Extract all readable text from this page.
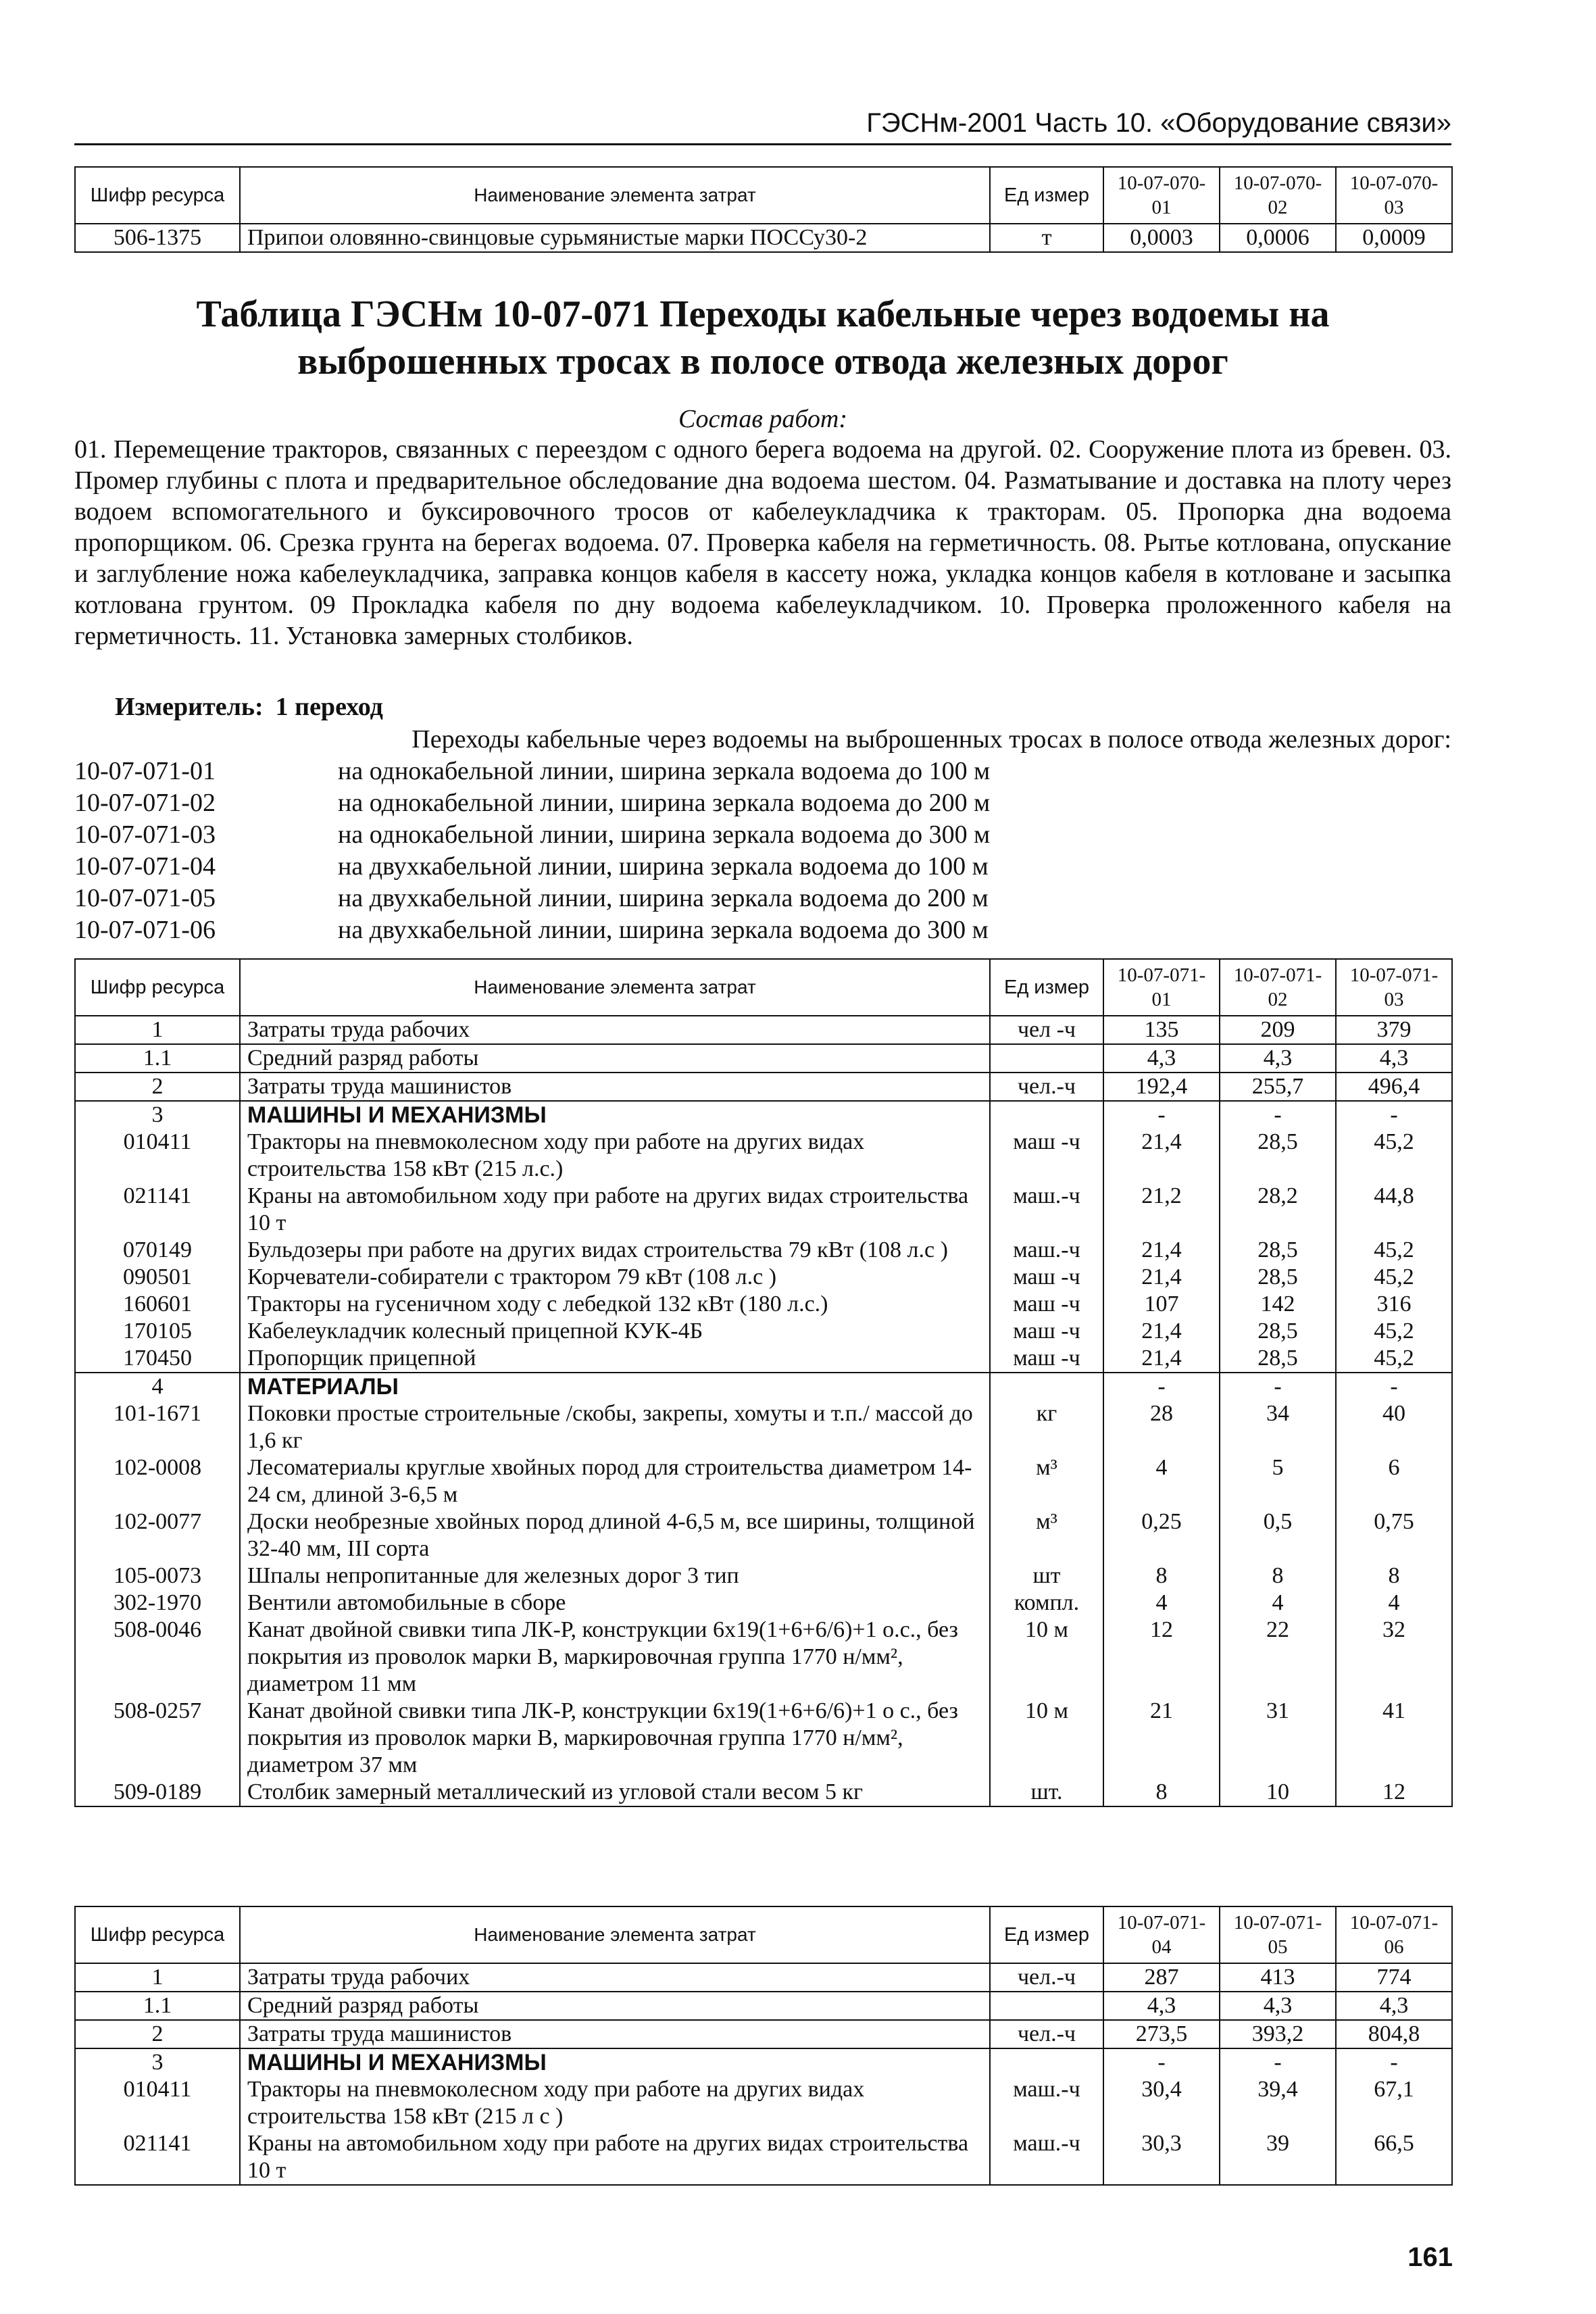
ГЭСНм-2001 Часть 10. «Оборудование связи»
Шифр ресурса	Наименование элемента затрат	Ед измер	10-07-070-01	10-07-070-02	10-07-070-03
506-1375	Припои оловянно-свинцовые сурьмянистые марки ПОССу30-2	т	0,0003	0,0006	0,0009
Таблица ГЭСНм 10-07-071 Переходы кабельные через водоемы на выброшенных тросах в полосе отвода железных дорог
Состав работ:
01. Перемещение тракторов, связанных с переездом с одного берега водоема на другой. 02. Сооружение плота из бревен. 03. Промер глубины с плота и предварительное обследование дна водоема шестом. 04. Разматывание и доставка на плоту через водоем вспомогательного и буксировочного тросов от кабелеукладчика к тракторам. 05. Пропорка дна водоема пропорщиком. 06. Срезка грунта на берегах водоема. 07. Проверка кабеля на герметичность. 08. Рытье котлована, опускание и заглубление ножа кабелеукладчика, заправка концов кабеля в кассету ножа, укладка концов кабеля в котловане и засыпка котлована грунтом. 09 Прокладка кабеля по дну водоема кабелеукладчиком. 10. Проверка проложенного кабеля на герметичность. 11. Установка замерных столбиков.
Измеритель: 1 переход
Переходы кабельные через водоемы на выброшенных тросах в полосе отвода железных дорог:
10-07-071-01	на однокабельной линии, ширина зеркала водоема до 100 м
10-07-071-02	на однокабельной линии, ширина зеркала водоема до 200 м
10-07-071-03	на однокабельной линии, ширина зеркала водоема до 300 м
10-07-071-04	на двухкабельной линии, ширина зеркала водоема до 100 м
10-07-071-05	на двухкабельной линии, ширина зеркала водоема до 200 м
10-07-071-06	на двухкабельной линии, ширина зеркала водоема до 300 м
Шифр ресурса	Наименование элемента затрат	Ед измер	10-07-071-01	10-07-071-02	10-07-071-03
1	Затраты труда рабочих	чел -ч	135	209	379
1.1	Средний разряд работы		4,3	4,3	4,3
2	Затраты труда машинистов	чел.-ч	192,4	255,7	496,4
3	МАШИНЫ И МЕХАНИЗМЫ		-	-	-
010411	Тракторы на пневмоколесном ходу при работе на других видах строительства 158 кВт (215 л.с.)	маш -ч	21,4	28,5	45,2
021141	Краны на автомобильном ходу при работе на других видах строительства 10 т	маш.-ч	21,2	28,2	44,8
070149	Бульдозеры при работе на других видах строительства 79 кВт (108 л.с )	маш.-ч	21,4	28,5	45,2
090501	Корчеватели-собиратели с трактором 79 кВт (108 л.с )	маш -ч	21,4	28,5	45,2
160601	Тракторы на гусеничном ходу с лебедкой 132 кВт (180 л.с.)	маш -ч	107	142	316
170105	Кабелеукладчик колесный прицепной КУК-4Б	маш -ч	21,4	28,5	45,2
170450	Пропорщик прицепной	маш -ч	21,4	28,5	45,2
4	МАТЕРИАЛЫ		-	-	-
101-1671	Поковки простые строительные /скобы, закрепы, хомуты и т.п./ массой до 1,6 кг	кг	28	34	40
102-0008	Лесоматериалы круглые хвойных пород для строительства диаметром 14-24 см, длиной 3-6,5 м	м³	4	5	6
102-0077	Доски необрезные хвойных пород длиной 4-6,5 м, все ширины, толщиной 32-40 мм, III сорта	м³	0,25	0,5	0,75
105-0073	Шпалы непропитанные для железных дорог 3 тип	шт	8	8	8
302-1970	Вентили автомобильные в сборе	компл.	4	4	4
508-0046	Канат двойной свивки типа ЛК-Р, конструкции 6х19(1+6+6/6)+1 о.с., без покрытия из проволок марки В, маркировочная группа 1770 н/мм², диаметром 11 мм	10 м	12	22	32
508-0257	Канат двойной свивки типа ЛК-Р, конструкции 6х19(1+6+6/6)+1 о с., без покрытия из проволок марки В, маркировочная группа 1770 н/мм², диаметром 37 мм	10 м	21	31	41
509-0189	Столбик замерный металлический из угловой стали весом 5 кг	шт.	8	10	12
Шифр ресурса	Наименование элемента затрат	Ед измер	10-07-071-04	10-07-071-05	10-07-071-06
1	Затраты труда рабочих	чел.-ч	287	413	774
1.1	Средний разряд работы		4,3	4,3	4,3
2	Затраты труда машинистов	чел.-ч	273,5	393,2	804,8
3	МАШИНЫ И МЕХАНИЗМЫ		-	-	-
010411	Тракторы на пневмоколесном ходу при работе на других видах строительства 158 кВт (215 л с )	маш.-ч	30,4	39,4	67,1
021141	Краны на автомобильном ходу при работе на других видах строительства 10 т	маш.-ч	30,3	39	66,5
161
